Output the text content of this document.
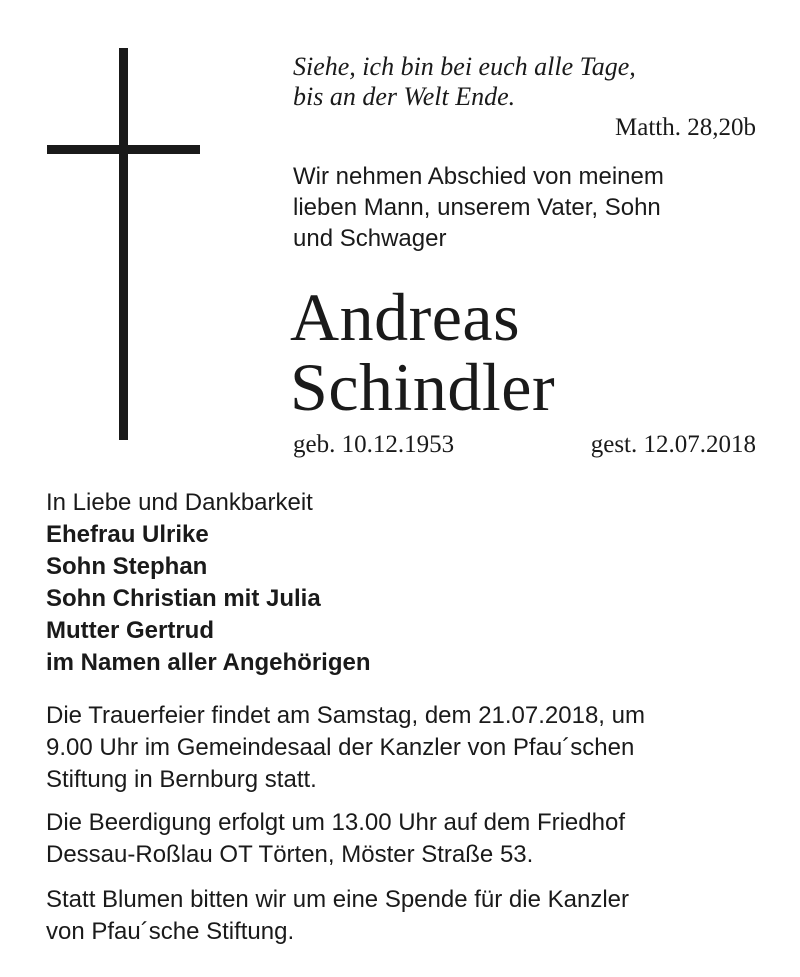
Siehe, ich bin bei euch alle Tage,
bis an der Welt Ende.
Matth. 28,20b
Wir nehmen Abschied von meinem
lieben Mann, unserem Vater, Sohn
und Schwager
Andreas
Schindler
geb. 10.12.1953	gest. 12.07.2018
In Liebe und Dankbarkeit
Ehefrau Ulrike
Sohn Stephan
Sohn Christian mit Julia
Mutter Gertrud
im Namen aller Angehörigen
Die Trauerfeier findet am Samstag, dem 21.07.2018, um
9.00 Uhr im Gemeindesaal der Kanzler von Pfau´schen
Stiftung in Bernburg statt.
Die Beerdigung erfolgt um 13.00 Uhr auf dem Friedhof
Dessau-Roßlau OT Törten, Möster Straße 53.
Statt Blumen bitten wir um eine Spende für die Kanzler
von Pfau´sche Stiftung.
